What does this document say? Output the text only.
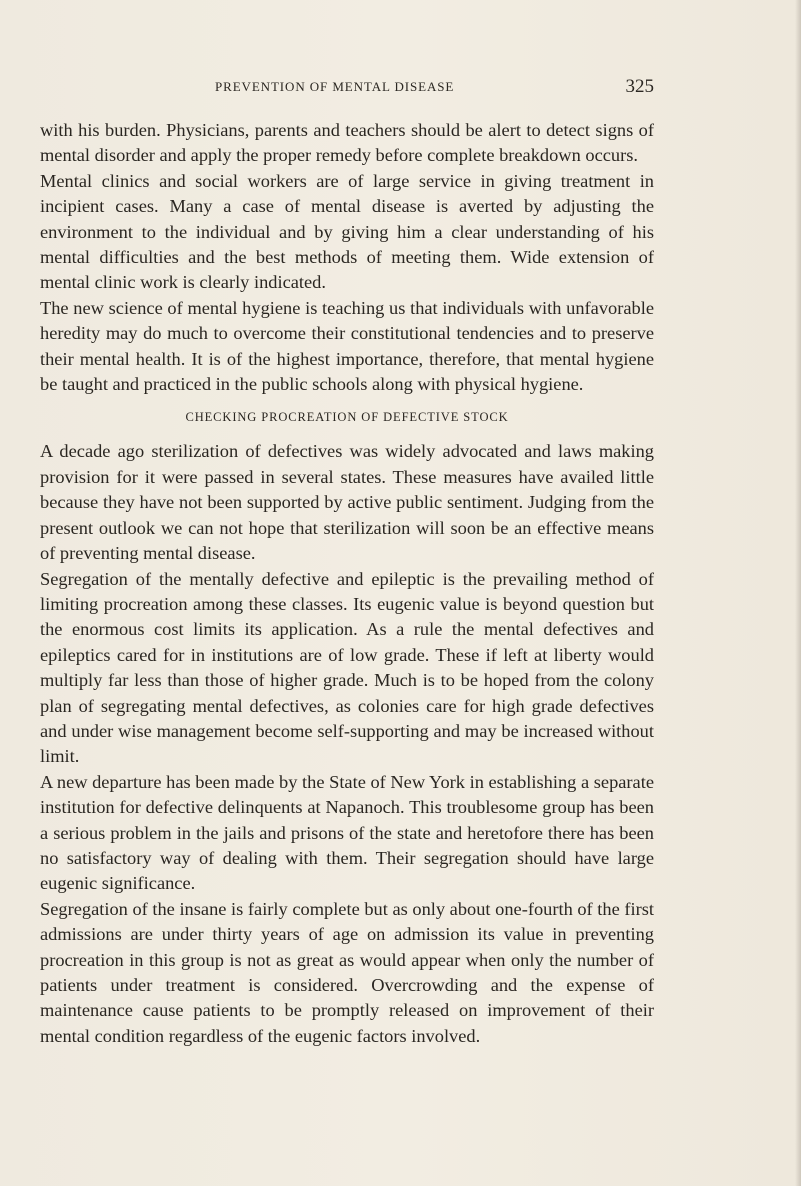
PREVENTION OF MENTAL DISEASE	325

with his burden. Physicians, parents and teachers should be alert to detect signs of mental disorder and apply the proper remedy before complete breakdown occurs.

Mental clinics and social workers are of large service in giving treatment in incipient cases. Many a case of mental disease is averted by adjusting the environment to the individual and by giving him a clear understanding of his mental difficulties and the best methods of meeting them. Wide extension of mental clinic work is clearly indicated.

The new science of mental hygiene is teaching us that individuals with unfavorable heredity may do much to overcome their constitutional tendencies and to preserve their mental health. It is of the highest importance, therefore, that mental hygiene be taught and practiced in the public schools along with physical hygiene.

CHECKING PROCREATION OF DEFECTIVE STOCK

A decade ago sterilization of defectives was widely advocated and laws making provision for it were passed in several states. These measures have availed little because they have not been supported by active public sentiment. Judging from the present outlook we can not hope that sterilization will soon be an effective means of preventing mental disease.

Segregation of the mentally defective and epileptic is the prevailing method of limiting procreation among these classes. Its eugenic value is beyond question but the enormous cost limits its application. As a rule the mental defectives and epileptics cared for in institutions are of low grade. These if left at liberty would multiply far less than those of higher grade. Much is to be hoped from the colony plan of segregating mental defectives, as colonies care for high grade defectives and under wise management become self-supporting and may be increased without limit.

A new departure has been made by the State of New York in establishing a separate institution for defective delinquents at Napanoch. This troublesome group has been a serious problem in the jails and prisons of the state and heretofore there has been no satisfactory way of dealing with them. Their segregation should have large eugenic significance.

Segregation of the insane is fairly complete but as only about one-fourth of the first admissions are under thirty years of age on admission its value in preventing procreation in this group is not as great as would appear when only the number of patients under treatment is considered. Overcrowding and the expense of maintenance cause patients to be promptly released on improvement of their mental condition regardless of the eugenic factors involved.
